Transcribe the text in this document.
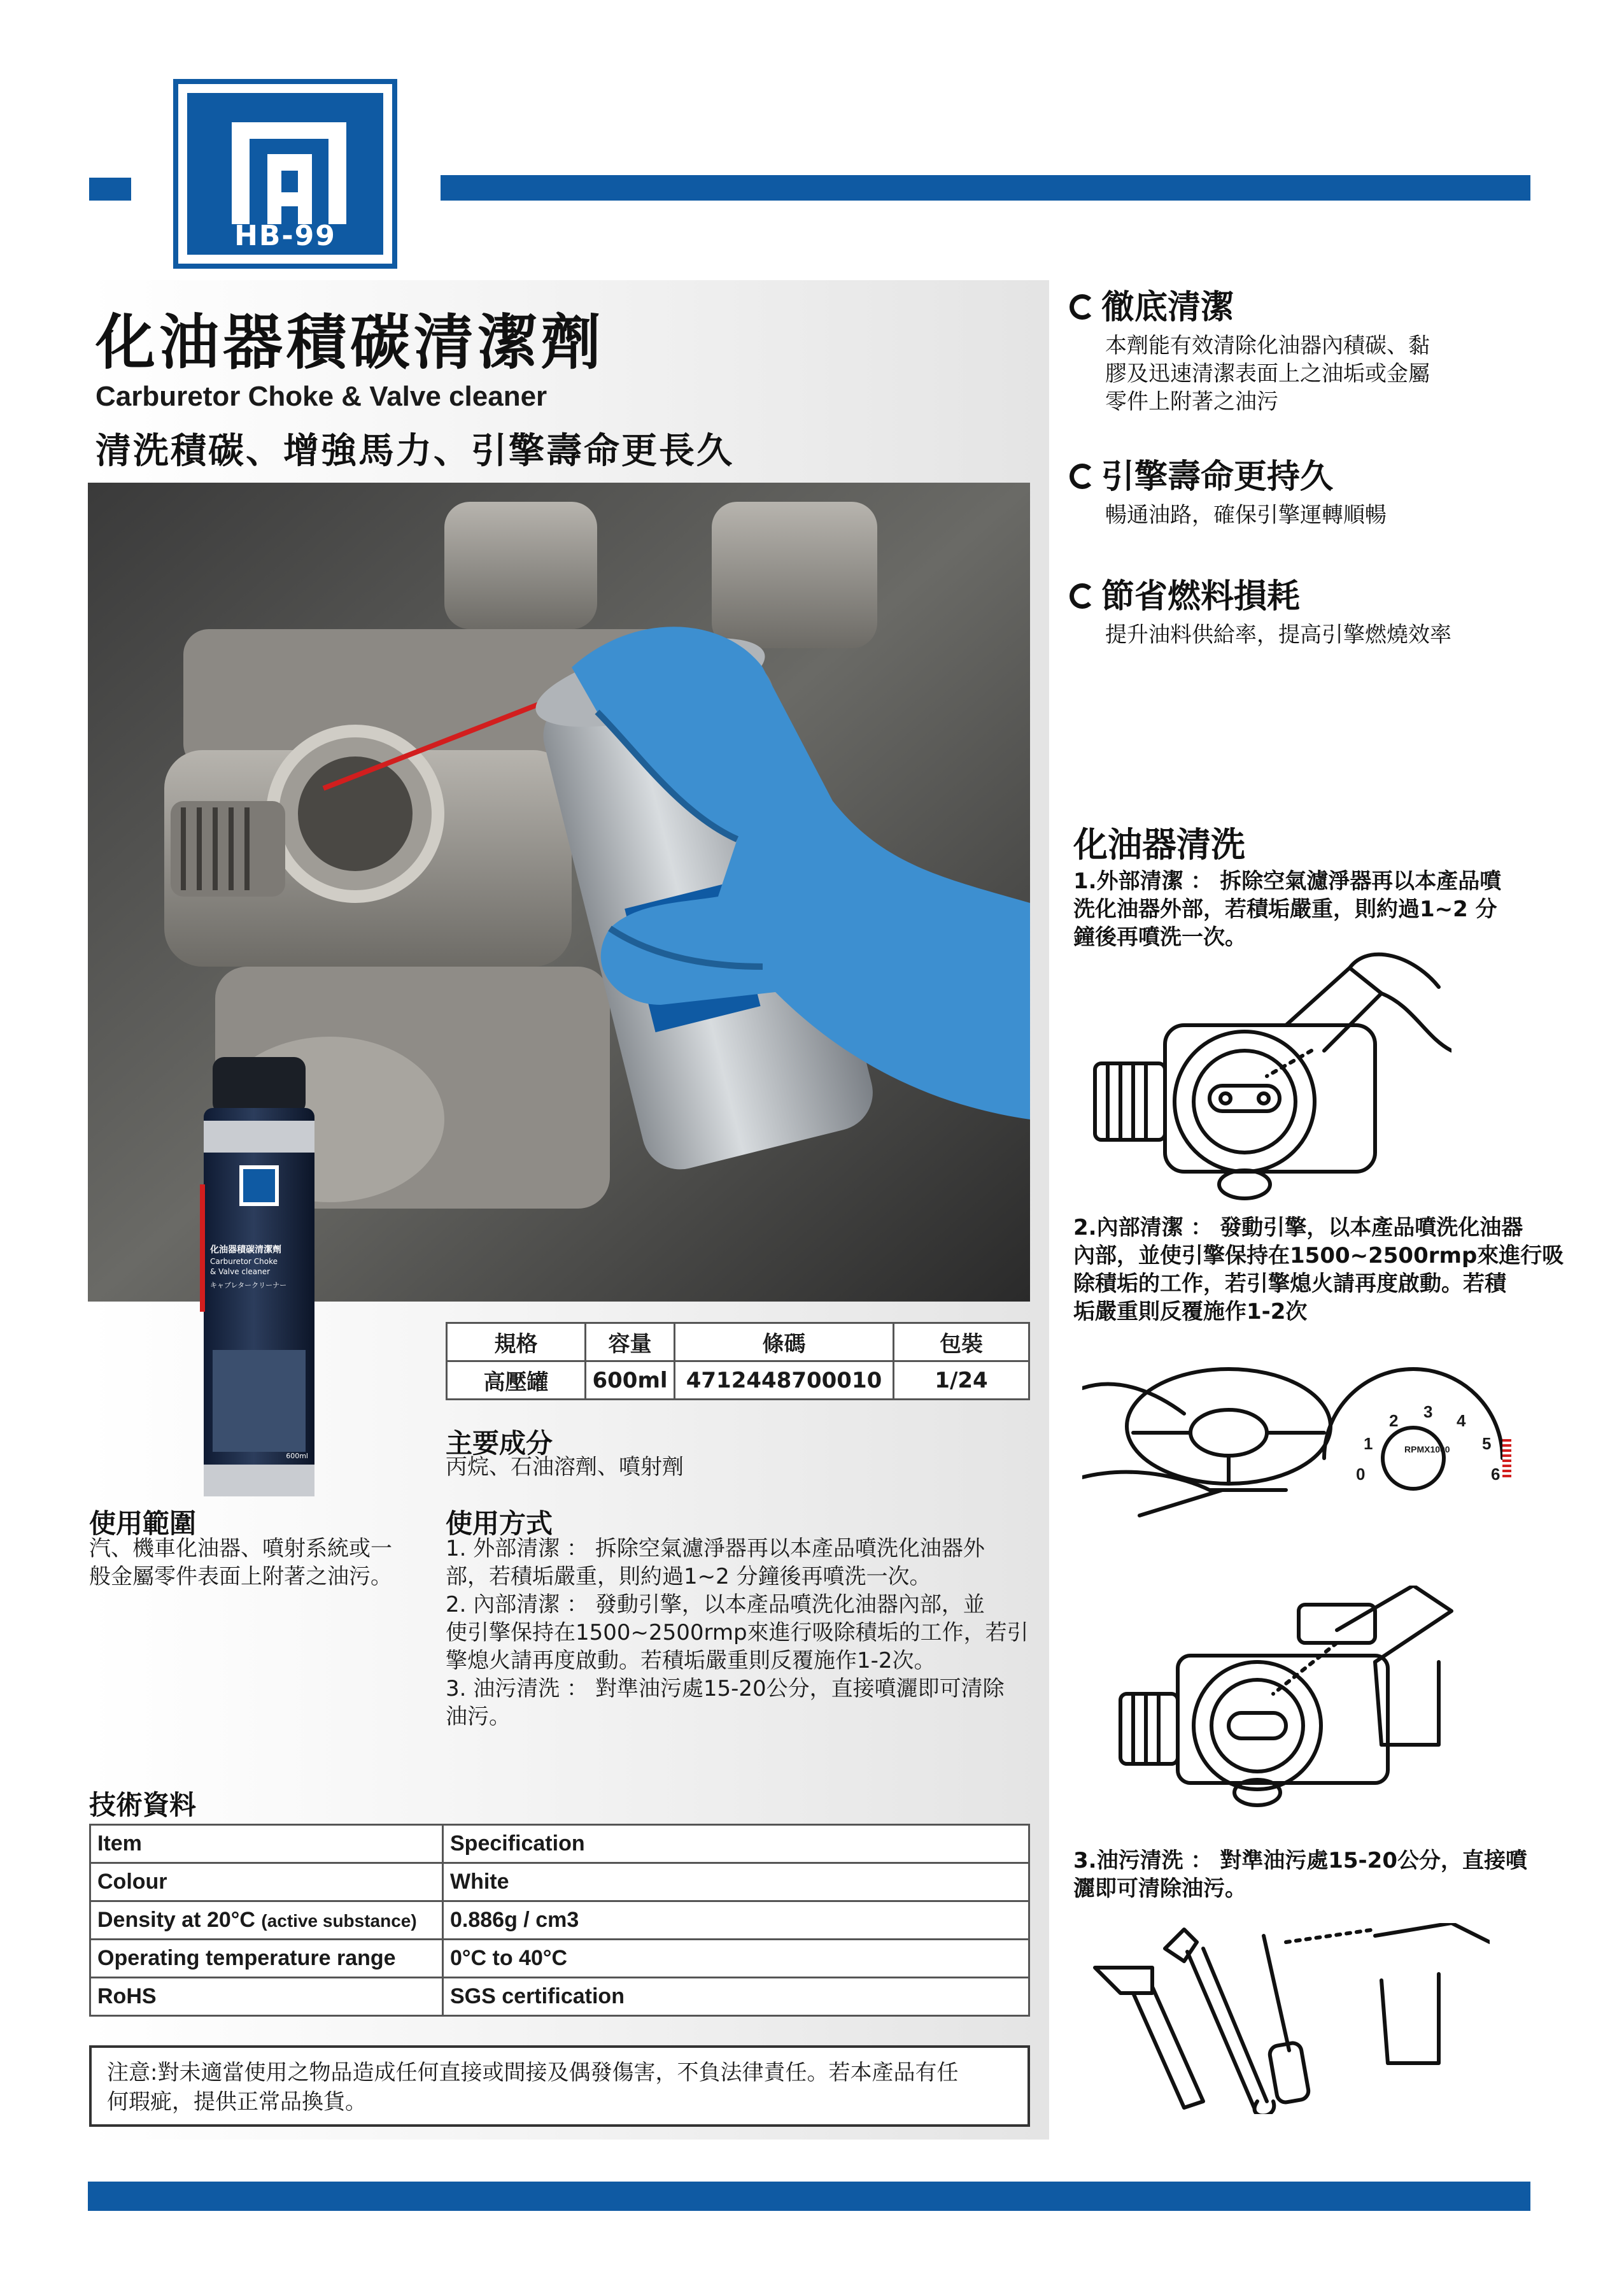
HB-99
化油器積碳清潔劑
Carburetor Choke & Valve cleaner
清洗積碳、增強馬力、引擎壽命更長久
化油器積碳清潔劑
Carburetor Choke
& Valve cleaner
キャブレタークリーナー
600ml
規格	容量	條碼	包裝
高壓罐	600ml	4712448700010	1/24
主要成分
丙烷、石油溶劑、噴射劑
使用範圍
汽、機車化油器、噴射系統或一
般金屬零件表面上附著之油污。
使用方式
1. 外部清潔 ： 拆除空氣濾淨器再以本產品噴洗化油器外
部，若積垢嚴重，則約過1~2 分鐘後再噴洗一次。
2. 內部清潔 ： 發動引擎，以本產品噴洗化油器內部，並
使引擎保持在1500~2500rmp來進行吸除積垢的工作，若引
擎熄火請再度啟動。若積垢嚴重則反覆施作1-2次。
3. 油污清洗 ： 對準油污處15-20公分，直接噴灑即可清除
油污。
技術資料
Item	Specification
Colour	White
Density at 20°C (active substance)	0.886g / cm3
Operating temperature range	0°C to 40°C
RoHS	SGS certification
注意:對未適當使用之物品造成任何直接或間接及偶發傷害，不負法律責任。若本產品有任
何瑕疵，提供正常品換貨。
徹底清潔
本劑能有效清除化油器內積碳、黏
膠及迅速清潔表面上之油垢或金屬
零件上附著之油污
引擎壽命更持久
暢通油路，確保引擎運轉順暢
節省燃料損耗
提升油料供給率，提高引擎燃燒效率
化油器清洗
1.外部清潔 ： 拆除空氣濾淨器再以本產品噴
洗化油器外部，若積垢嚴重，則約過1~2 分
鐘後再噴洗一次。
2.內部清潔 ： 發動引擎，以本產品噴洗化油器
內部，並使引擎保持在1500~2500rmp來進行吸
除積垢的工作，若引擎熄火請再度啟動。若積
垢嚴重則反覆施作1-2次
0
1
2 3 4
5
6
RPMX1000
3.油污清洗 ： 對準油污處15-20公分，直接噴
灑即可清除油污。
